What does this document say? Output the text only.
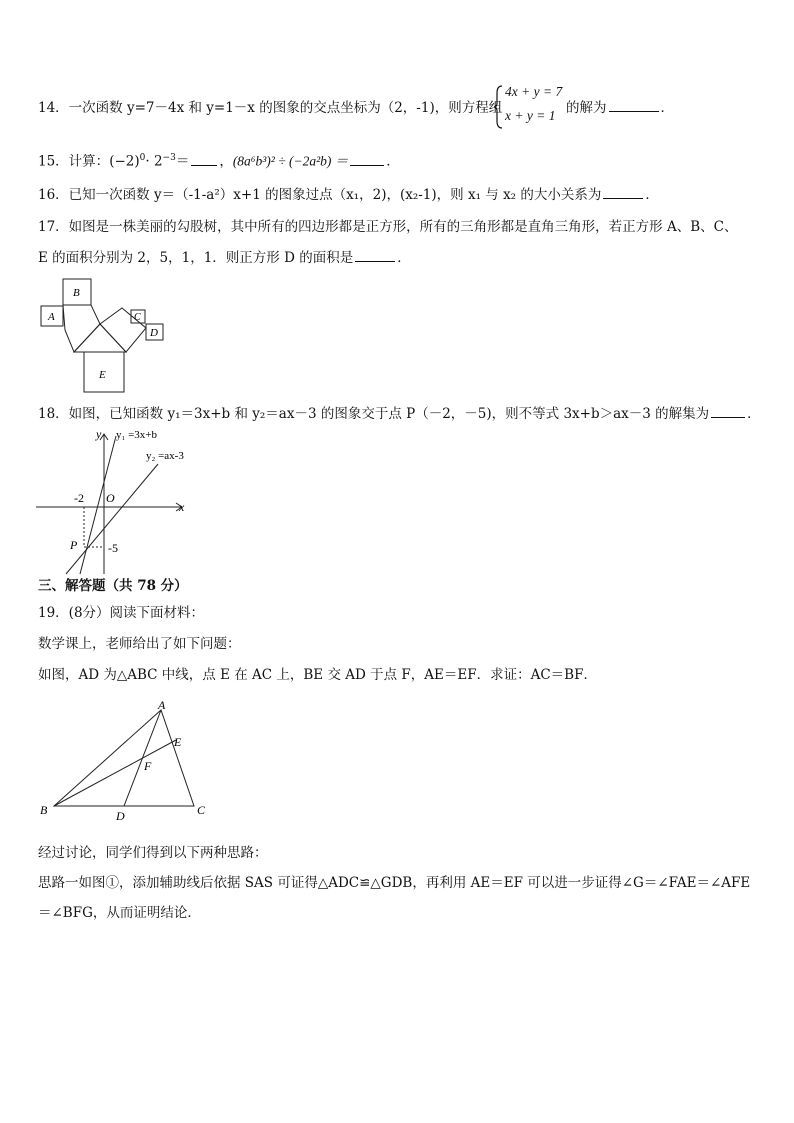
14．一次函数 y=7－4x 和 y=1－x 的图象的交点坐标为（2，-1)，则方程组
4x + y = 7
x + y = 1 的解为	．
15．计算：$(-2)^0\cdot 2^{-3}=$ ，(8a⁶b³)² ÷ (−2a²b) ＝	．
16．已知一次函数 y＝（-1-a²）x+1 的图象过点（x₁，2)，(x₂-1)，则 x₁ 与 x₂ 的大小关系为	．
17．如图是一株美丽的勾股树，其中所有的四边形都是正方形，所有的三角形都是直角三角形，若正方形 A、B、C、
E 的面积分别为 2，5，1，1．则正方形 D 的面积是	．
B
A	C
D
E
18．如图，已知函数 y₁＝3x+b 和 y₂＝ax－3 的图象交于点 P（－2，－5)，则不等式 3x+b＞ax－3 的解集为	．
y y₁ =3x+b
y₂ =ax-3
x
-2 O
-5
P
三、解答题（共 78 分）
19．(8分）阅读下面材料：
数学课上，老师给出了如下问题：
如图，AD 为△ABC 中线，点 E 在 AC 上，BE 交 AD 于点 F，AE＝EF．求证：AC＝BF．
A
E
F
B	D	C
经过讨论，同学们得到以下两种思路：
思路一如图①，添加辅助线后依据 SAS 可证得△ADC≌△GDB，再利用 AE＝EF 可以进一步证得∠G＝∠FAE＝∠AFE
＝∠BFG，从而证明结论．
